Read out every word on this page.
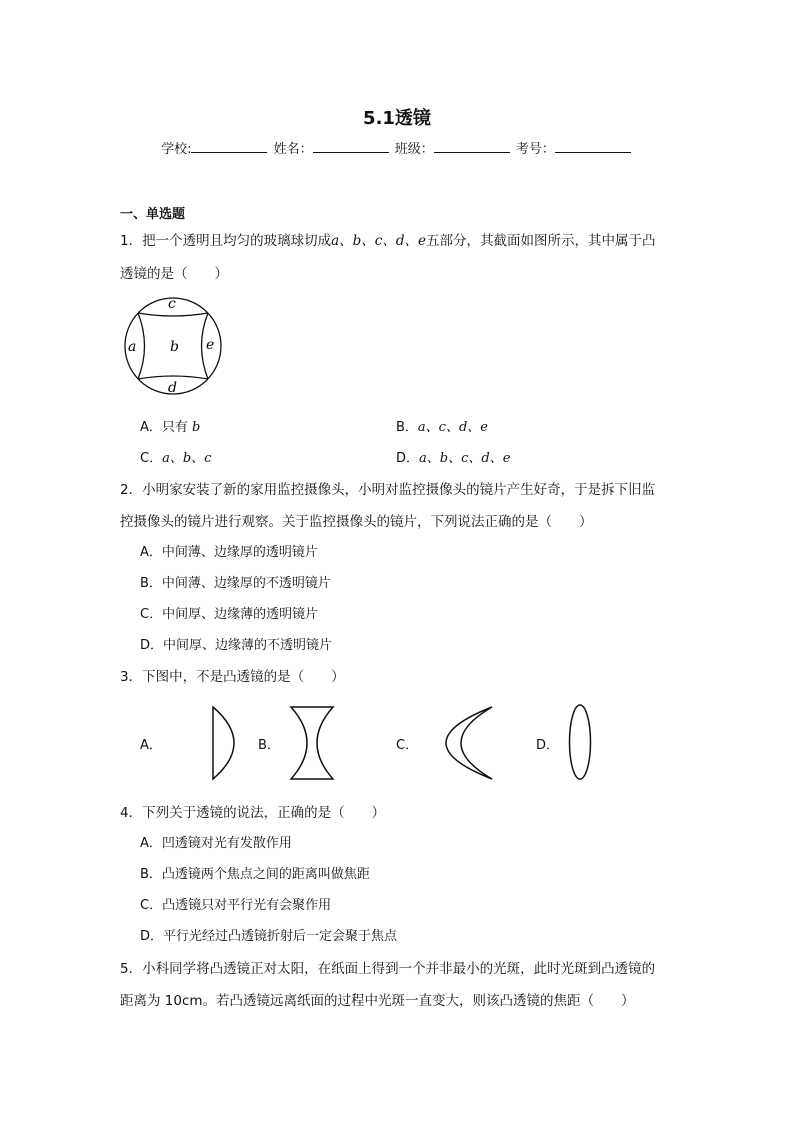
5.1透镜
学校:	姓名：	班级：	考号：
一、单选题
1．把一个透明且均匀的玻璃球切成a、b、c、d、e五部分，其截面如图所示，其中属于凸
透镜的是（　　）
c
a b e
d
A．只有 b	B．a、c、d、e
C．a、b、c	D．a、b、c、d、e
2．小明家安装了新的家用监控摄像头，小明对监控摄像头的镜片产生好奇，于是拆下旧监
控摄像头的镜片进行观察。关于监控摄像头的镜片，下列说法正确的是（　　）
A．中间薄、边缘厚的透明镜片
B．中间薄、边缘厚的不透明镜片
C．中间厚、边缘薄的透明镜片
D．中间厚、边缘薄的不透明镜片
3．下图中，不是凸透镜的是（　　）
A．	B．	C．	D．
4．下列关于透镜的说法，正确的是（　　）
A．凹透镜对光有发散作用
B．凸透镜两个焦点之间的距离叫做焦距
C．凸透镜只对平行光有会聚作用
D．平行光经过凸透镜折射后一定会聚于焦点
5．小科同学将凸透镜正对太阳，在纸面上得到一个并非最小的光斑，此时光斑到凸透镜的
距离为 10cm。若凸透镜远离纸面的过程中光斑一直变大，则该凸透镜的焦距（　　）
